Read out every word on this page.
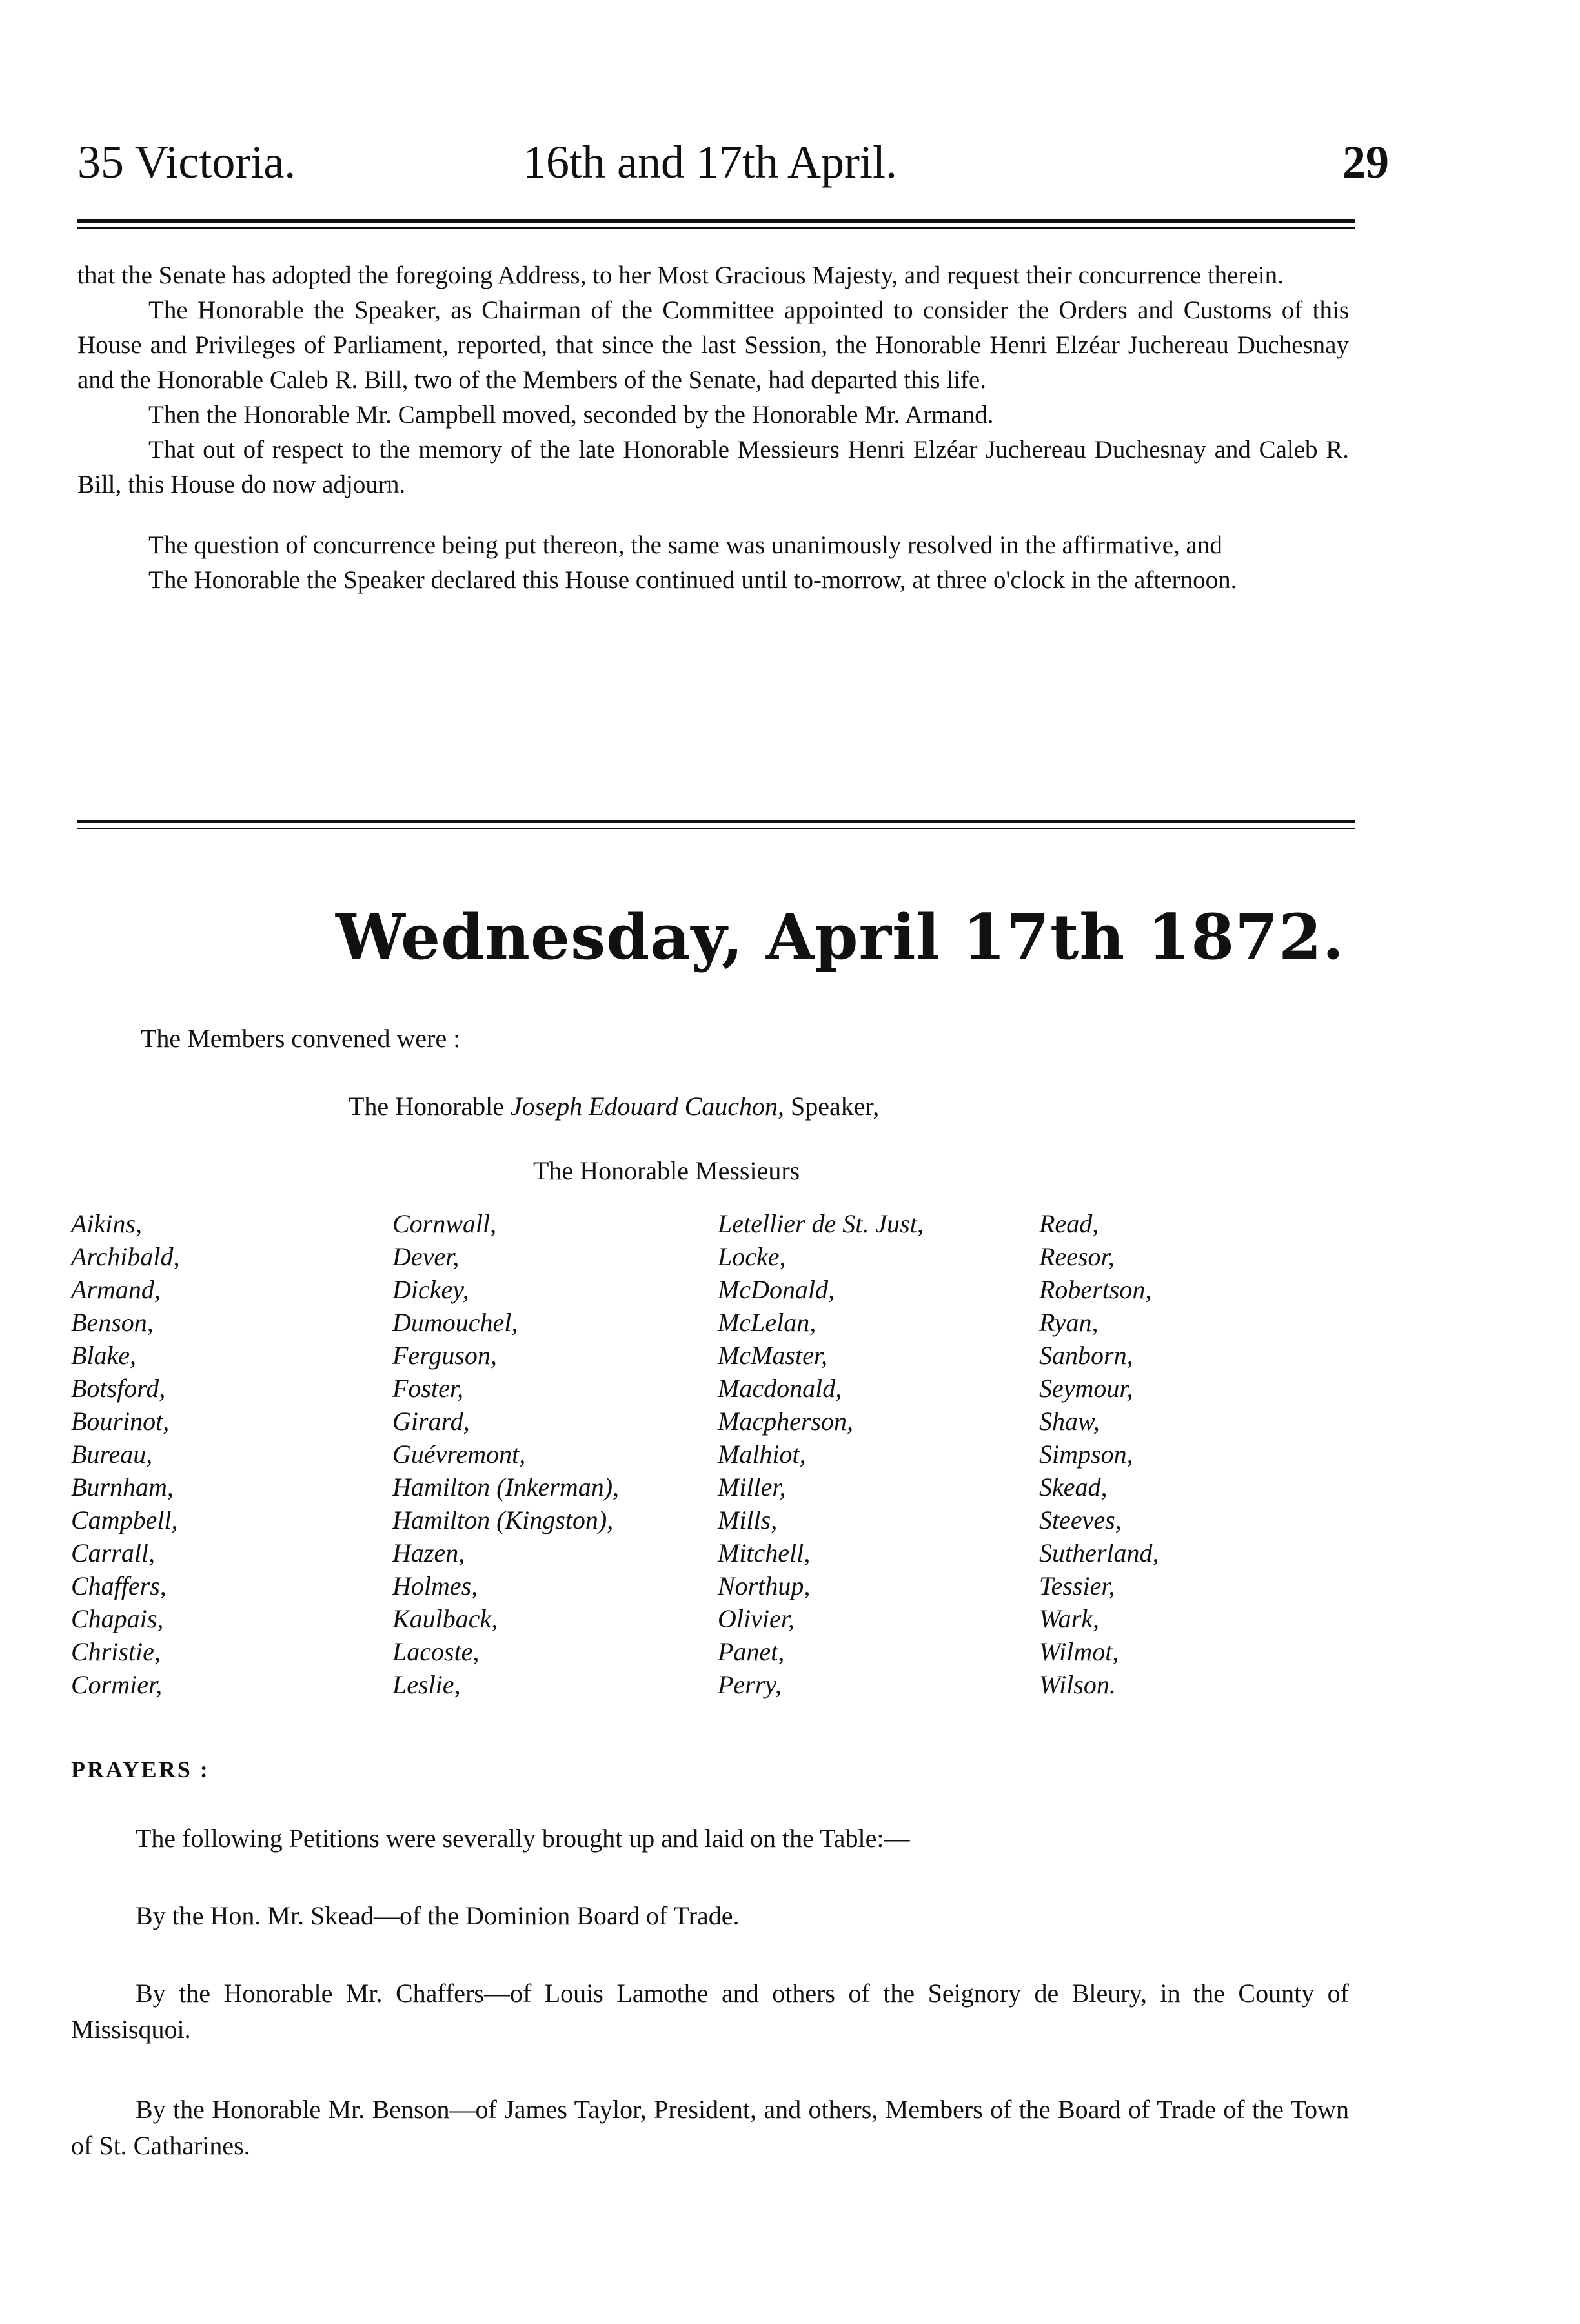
35 Victoria.	16th and 17th April.	29

that the Senate has adopted the foregoing Address, to her Most Gracious Majesty, and request their concurrence therein.

The Honorable the Speaker, as Chairman of the Committee appointed to consider the Orders and Customs of this House and Privileges of Parliament, reported, that since the last Session, the Honorable Henri Elzéar Juchereau Duchesnay and the Honorable Caleb R. Bill, two of the Members of the Senate, had departed this life.

Then the Honorable Mr. Campbell moved, seconded by the Honorable Mr. Armand.

That out of respect to the memory of the late Honorable Messieurs Henri Elzéar Juchereau Duchesnay and Caleb R. Bill, this House do now adjourn.

The question of concurrence being put thereon, the same was unanimously resolved in the affirmative, and

The Honorable the Speaker declared this House continued until to-morrow, at three o'clock in the afternoon.

Wednesday, April 17th 1872.
The Members convened were :
The Honorable Joseph Edouard Cauchon, Speaker,
The Honorable Messieurs
Aikins,
Archibald,
Armand,
Benson,
Blake,
Botsford,
Bourinot,
Bureau,
Burnham,
Campbell,
Carrall,
Chaffers,
Chapais,
Christie,
Cormier,
Cornwall,
Dever,
Dickey,
Dumouchel,
Ferguson,
Foster,
Girard,
Guévremont,
Hamilton (Inkerman),
Hamilton (Kingston),
Hazen,
Holmes,
Kaulback,
Lacoste,
Leslie,
Letellier de St. Just,
Locke,
McDonald,
McLelan,
McMaster,
Macdonald,
Macpherson,
Malhiot,
Miller,
Mills,
Mitchell,
Northup,
Olivier,
Panet,
Perry,
Read,
Reesor,
Robertson,
Ryan,
Sanborn,
Seymour,
Shaw,
Simpson,
Skead,
Steeves,
Sutherland,
Tessier,
Wark,
Wilmot,
Wilson.
PRAYERS :
The following Petitions were severally brought up and laid on the Table:—
By the Hon. Mr. Skead—of the Dominion Board of Trade.
By the Honorable Mr. Chaffers—of Louis Lamothe and others of the Seignory de Bleury, in the County of Missisquoi.
By the Honorable Mr. Benson—of James Taylor, President, and others, Members of the Board of Trade of the Town of St. Catharines.
